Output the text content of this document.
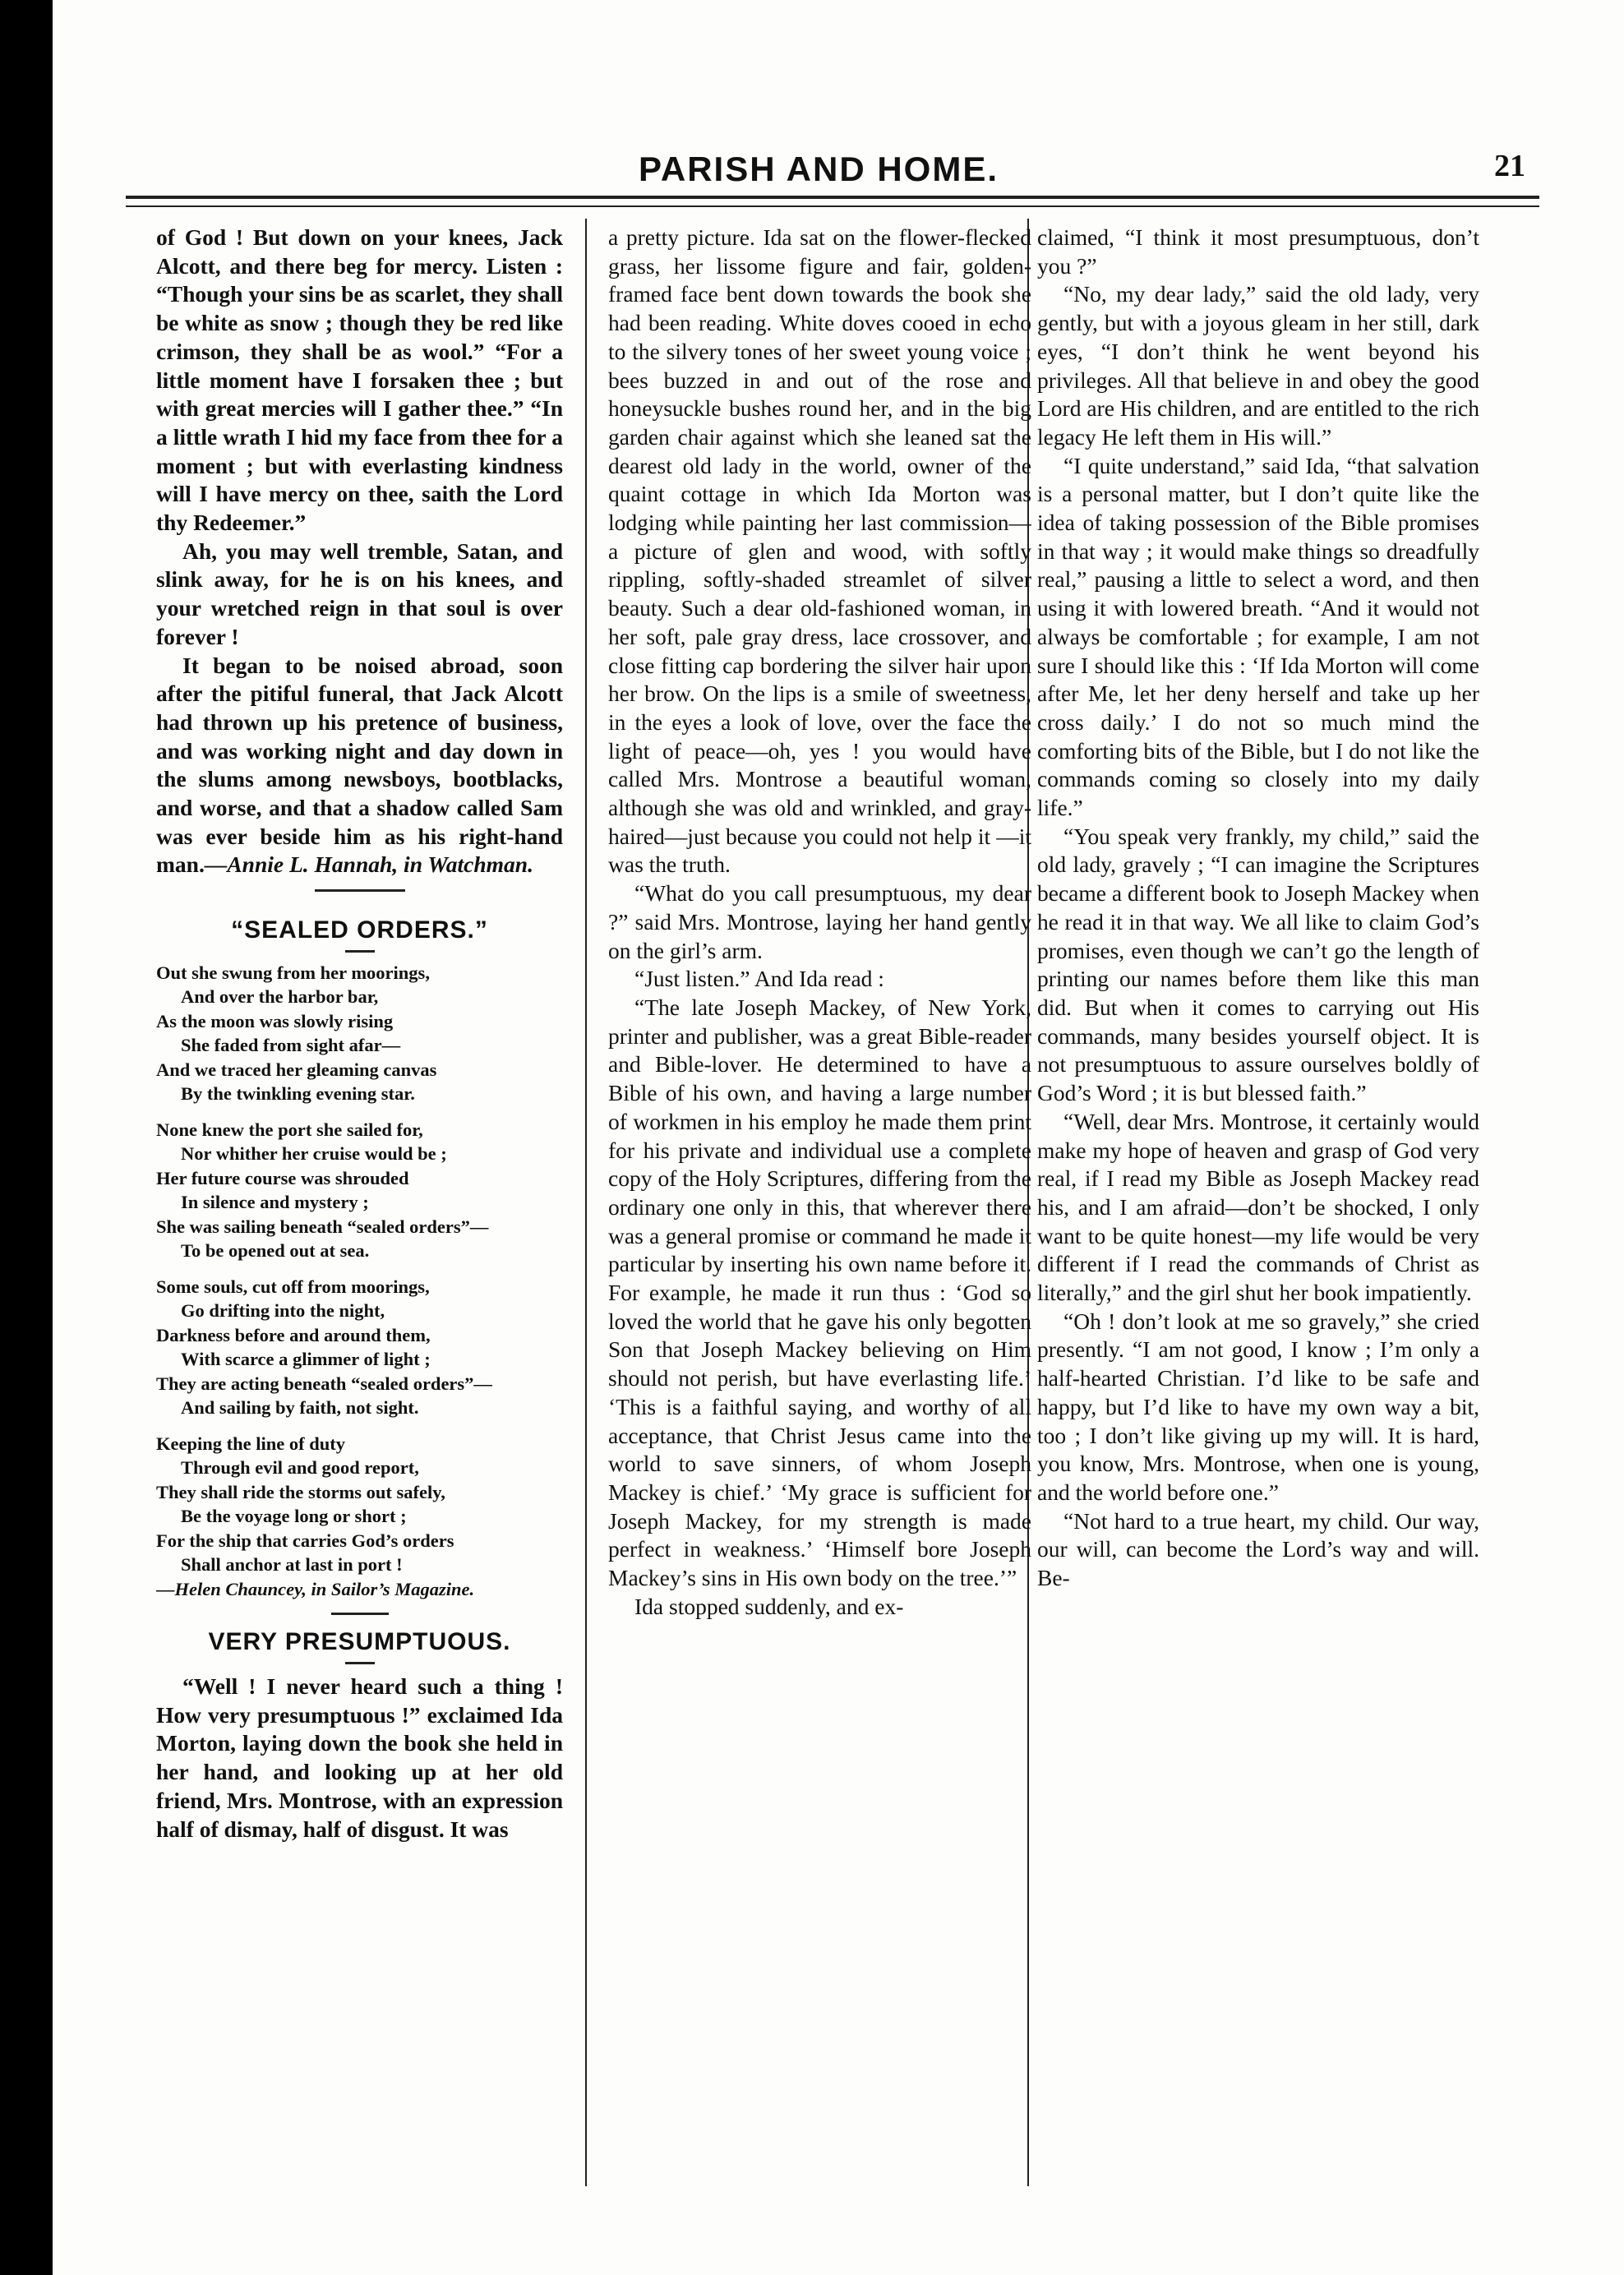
PARISH AND HOME.	21

of God ! But down on your knees, Jack Alcott, and there beg for mercy. Listen : “Though your sins be as scarlet, they shall be white as snow ; though they be red like crimson, they shall be as wool.” “For a little moment have I forsaken thee ; but with great mercies will I gather thee.” “In a little wrath I hid my face from thee for a moment ; but with everlasting kindness will I have mercy on thee, saith the Lord thy Redeemer.”

Ah, you may well tremble, Satan, and slink away, for he is on his knees, and your wretched reign in that soul is over forever !

It began to be noised abroad, soon after the pitiful funeral, that Jack Alcott had thrown up his pretence of business, and was working night and day down in the slums among newsboys, bootblacks, and worse, and that a shadow called Sam was ever beside him as his right-hand man.—Annie L. Hannah, in Watchman.

“SEALED ORDERS.”
Out she swung from her moorings,
And over the harbor bar,
As the moon was slowly rising
She faded from sight afar—
And we traced her gleaming canvas
By the twinkling evening star.
None knew the port she sailed for,
Nor whither her cruise would be ;
Her future course was shrouded
In silence and mystery ;
She was sailing beneath “sealed orders”—
To be opened out at sea.
Some souls, cut off from moorings,
Go drifting into the night,
Darkness before and around them,
With scarce a glimmer of light ;
They are acting beneath “sealed orders”—
And sailing by faith, not sight.
Keeping the line of duty
Through evil and good report,
They shall ride the storms out safely,
Be the voyage long or short ;
For the ship that carries God’s orders
Shall anchor at last in port !
—Helen Chauncey, in Sailor’s Magazine.
VERY PRESUMPTUOUS.

“Well ! I never heard such a thing ! How very presumptuous !” exclaimed Ida Morton, laying down the book she held in her hand, and looking up at her old friend, Mrs. Montrose, with an expression half of dismay, half of disgust. It was

a pretty picture. Ida sat on the flower-flecked grass, her lissome figure and fair, golden-framed face bent down towards the book she had been reading. White doves cooed in echo to the silvery tones of her sweet young voice ; bees buzzed in and out of the rose and honeysuckle bushes round her, and in the big garden chair against which she leaned sat the dearest old lady in the world, owner of the quaint cottage in which Ida Morton was lodging while painting her last commission—a picture of glen and wood, with softly rippling, softly-shaded streamlet of silver beauty. Such a dear old-fashioned woman, in her soft, pale gray dress, lace crossover, and close fitting cap bordering the silver hair upon her brow. On the lips is a smile of sweetness, in the eyes a look of love, over the face the light of peace—oh, yes ! you would have called Mrs. Montrose a beautiful woman, although she was old and wrinkled, and gray-haired—just because you could not help it —it was the truth.

“What do you call presumptuous, my dear ?” said Mrs. Montrose, laying her hand gently on the girl’s arm.

“Just listen.” And Ida read :

“The late Joseph Mackey, of New York, printer and publisher, was a great Bible-reader and Bible-lover. He determined to have a Bible of his own, and having a large number of workmen in his employ he made them print for his private and individual use a complete copy of the Holy Scriptures, differing from the ordinary one only in this, that wherever there was a general promise or command he made it particular by inserting his own name before it. For example, he made it run thus : ‘God so loved the world that he gave his only begotten Son that Joseph Mackey believing on Him should not perish, but have everlasting life.’ ‘This is a faithful saying, and worthy of all acceptance, that Christ Jesus came into the world to save sinners, of whom Joseph Mackey is chief.’ ‘My grace is sufficient for Joseph Mackey, for my strength is made perfect in weakness.’ ‘Himself bore Joseph Mackey’s sins in His own body on the tree.’”

Ida stopped suddenly, and ex-

claimed, “I think it most presumptuous, don’t you ?”

“No, my dear lady,” said the old lady, very gently, but with a joyous gleam in her still, dark eyes, “I don’t think he went beyond his privileges. All that believe in and obey the good Lord are His children, and are entitled to the rich legacy He left them in His will.”

“I quite understand,” said Ida, “that salvation is a personal matter, but I don’t quite like the idea of taking possession of the Bible promises in that way ; it would make things so dreadfully real,” pausing a little to select a word, and then using it with lowered breath. “And it would not always be comfortable ; for example, I am not sure I should like this : ‘If Ida Morton will come after Me, let her deny herself and take up her cross daily.’ I do not so much mind the comforting bits of the Bible, but I do not like the commands coming so closely into my daily life.”

“You speak very frankly, my child,” said the old lady, gravely ; “I can imagine the Scriptures became a different book to Joseph Mackey when he read it in that way. We all like to claim God’s promises, even though we can’t go the length of printing our names before them like this man did. But when it comes to carrying out His commands, many besides yourself object. It is not presumptuous to assure ourselves boldly of God’s Word ; it is but blessed faith.”

“Well, dear Mrs. Montrose, it certainly would make my hope of heaven and grasp of God very real, if I read my Bible as Joseph Mackey read his, and I am afraid—don’t be shocked, I only want to be quite honest—my life would be very different if I read the commands of Christ as literally,” and the girl shut her book impatiently.

“Oh ! don’t look at me so gravely,” she cried presently. “I am not good, I know ; I’m only a half-hearted Christian. I’d like to be safe and happy, but I’d like to have my own way a bit, too ; I don’t like giving up my will. It is hard, you know, Mrs. Montrose, when one is young, and the world before one.”

“Not hard to a true heart, my child. Our way, our will, can become the Lord’s way and will. Be-
